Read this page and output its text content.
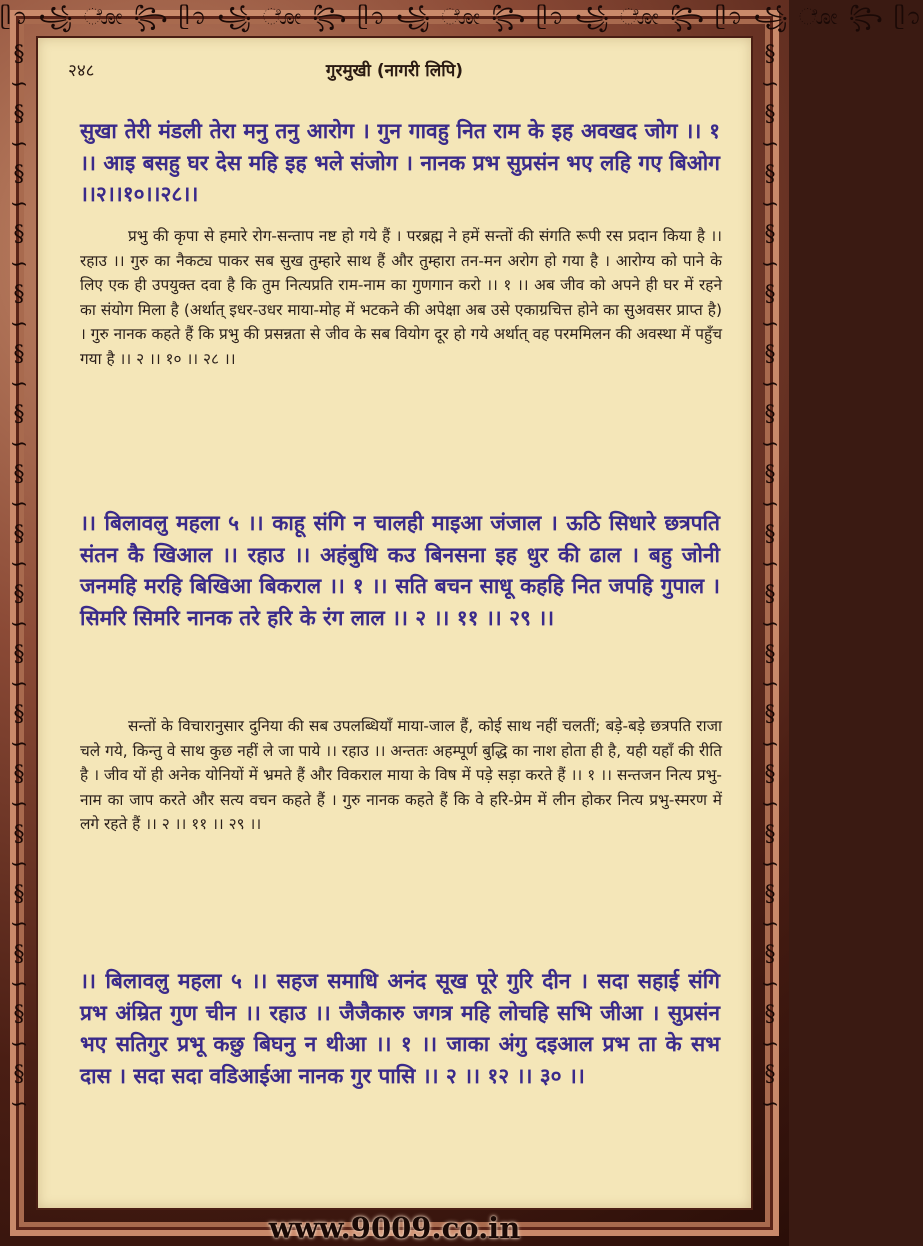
ᥫ᭡ ꧁ ೋ ꧂ ᥫ᭡ ꧁ ೋ ꧂ ᥫ᭡ ꧁ ೋ ꧂ ᥫ᭡ ꧁ ೋ ꧂ ᥫ᭡ ꧁ ೋ ꧂ ᥫ᭡
§
∽
§
∽
§
∽
§
∽
§
∽
§
∽
§
∽
§
∽
§
∽
§
∽
§
∽
§
∽
§
∽
§
∽
§
∽
§
∽
§
∽
§
∽
§
∽
§
∽
§
∽
§
∽
§
∽
§
∽
§
∽
§
∽
§
∽
§
∽
§
∽
§
∽
§
∽
§
∽
§
∽
§
∽
§
∽
§
∽
२४८	गुरमुखी (नागरी लिपि)
सुखा तेरी मंडली तेरा मनु तनु आरोग । गुन गावहु नित राम के इह अवखद जोग ।। १ ।। आइ बसहु घर देस महि इह भले संजोग । नानक प्रभ सुप्रसंन भए लहि गए बिओग ।।२।।१०।।२८।।
प्रभु की कृपा से हमारे रोग-सन्ताप नष्ट हो गये हैं । परब्रह्म ने हमें सन्तों की संगति रूपी रस प्रदान किया है ।। रहाउ ।। गुरु का नैकट्य पाकर सब सुख तुम्हारे साथ हैं और तुम्हारा तन-मन अरोग हो गया है । आरोग्य को पाने के लिए एक ही उपयुक्त दवा है कि तुम नित्यप्रति राम-नाम का गुणगान करो ।। १ ।। अब जीव को अपने ही घर में रहने का संयोग मिला है (अर्थात् इधर-उधर माया-मोह में भटकने की अपेक्षा अब उसे एकाग्रचित्त होने का सुअवसर प्राप्त है) । गुरु नानक कहते हैं कि प्रभु की प्रसन्नता से जीव के सब वियोग दूर हो गये अर्थात् वह परममिलन की अवस्था में पहुँच गया है ।। २ ।। १० ।। २८ ।।
।। बिलावलु महला ५ ।। काहू संगि न चालही माइआ जंजाल । ऊठि सिधारे छत्रपति संतन कै खिआल ।। रहाउ ।। अहंबुधि कउ बिनसना इह धुर की ढाल । बहु जोनी जनमहि मरहि बिखिआ बिकराल ।। १ ।। सति बचन साधू कहहि नित जपहि गुपाल । सिमरि सिमरि नानक तरे हरि के रंग लाल ।। २ ।। ११ ।। २९ ।।
सन्तों के विचारानुसार दुनिया की सब उपलब्धियाँ माया-जाल हैं, कोई साथ नहीं चलतीं; बड़े-बड़े छत्रपति राजा चले गये, किन्तु वे साथ कुछ नहीं ले जा पाये ।। रहाउ ।। अन्ततः अहम्पूर्ण बुद्धि का नाश होता ही है, यही यहाँ की रीति है । जीव यों ही अनेक योनियों में भ्रमते हैं और विकराल माया के विष में पड़े सड़ा करते हैं ।। १ ।। सन्तजन नित्य प्रभु-नाम का जाप करते और सत्य वचन कहते हैं । गुरु नानक कहते हैं कि वे हरि-प्रेम में लीन होकर नित्य प्रभु-स्मरण में लगे रहते हैं ।। २ ।। ११ ।। २९ ।।
।। बिलावलु महला ५ ।। सहज समाधि अनंद सूख पूरे गुरि दीन । सदा सहाई संगि प्रभ अंम्रित गुण चीन ।। रहाउ ।। जैजैकारु जगत्र महि लोचहि सभि जीआ । सुप्रसंन भए सतिगुर प्रभू कछु बिघनु न थीआ ।। १ ।। जाका अंगु दइआल प्रभ ता के सभ दास । सदा सदा वडिआईआ नानक गुर पासि ।। २ ।। १२ ।। ३० ।।
www.9009.co.in
